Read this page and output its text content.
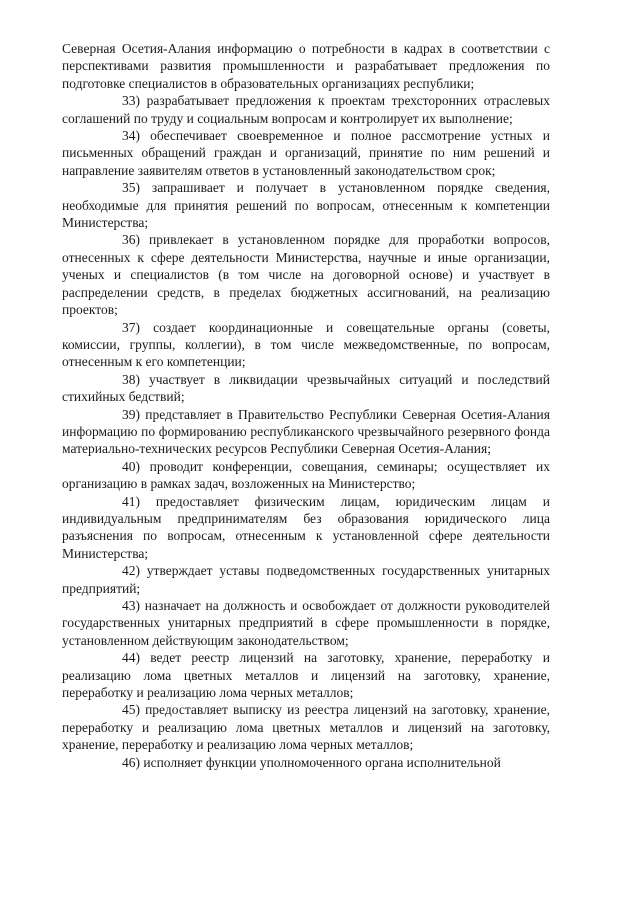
Северная Осетия-Алания информацию о потребности в кадрах в соответствии с перспективами развития промышленности и разрабатывает предложения по подготовке специалистов в образовательных организациях республики;

33) разрабатывает предложения к проектам трехсторонних отраслевых соглашений по труду и социальным вопросам и контролирует их выполнение;

34) обеспечивает своевременное и полное рассмотрение устных и письменных обращений граждан и организаций, принятие по ним решений и направление заявителям ответов в установленный законодательством срок;

35) запрашивает и получает в установленном порядке сведения, необходимые для принятия решений по вопросам, отнесенным к компетенции Министерства;

36) привлекает в установленном порядке для проработки вопросов, отнесенных к сфере деятельности Министерства, научные и иные организации, ученых и специалистов (в том числе на договорной основе) и участвует в распределении средств, в пределах бюджетных ассигнований, на реализацию проектов;

37) создает координационные и совещательные органы (советы, комиссии, группы, коллегии), в том числе межведомственные, по вопросам, отнесенным к его компетенции;

38) участвует в ликвидации чрезвычайных ситуаций и последствий стихийных бедствий;

39) представляет в Правительство Республики Северная Осетия-Алания информацию по формированию республиканского чрезвычайного резервного фонда материально-технических ресурсов Республики Северная Осетия-Алания;

40) проводит конференции, совещания, семинары; осуществляет их организацию в рамках задач, возложенных на Министерство;

41) предоставляет физическим лицам, юридическим лицам и индивидуальным предпринимателям без образования юридического лица разъяснения по вопросам, отнесенным к установленной сфере деятельности Министерства;

42) утверждает уставы подведомственных государственных унитарных предприятий;

43) назначает на должность и освобождает от должности руководителей государственных унитарных предприятий в сфере промышленности в порядке, установленном действующим законодательством;

44) ведет реестр лицензий на заготовку, хранение, переработку и реализацию лома цветных металлов и лицензий на заготовку, хранение, переработку и реализацию лома черных металлов;

45) предоставляет выписку из реестра лицензий на заготовку, хранение, переработку и реализацию лома цветных металлов и лицензий на заготовку, хранение, переработку и реализацию лома черных металлов;

46) исполняет функции уполномоченного органа исполнительной
